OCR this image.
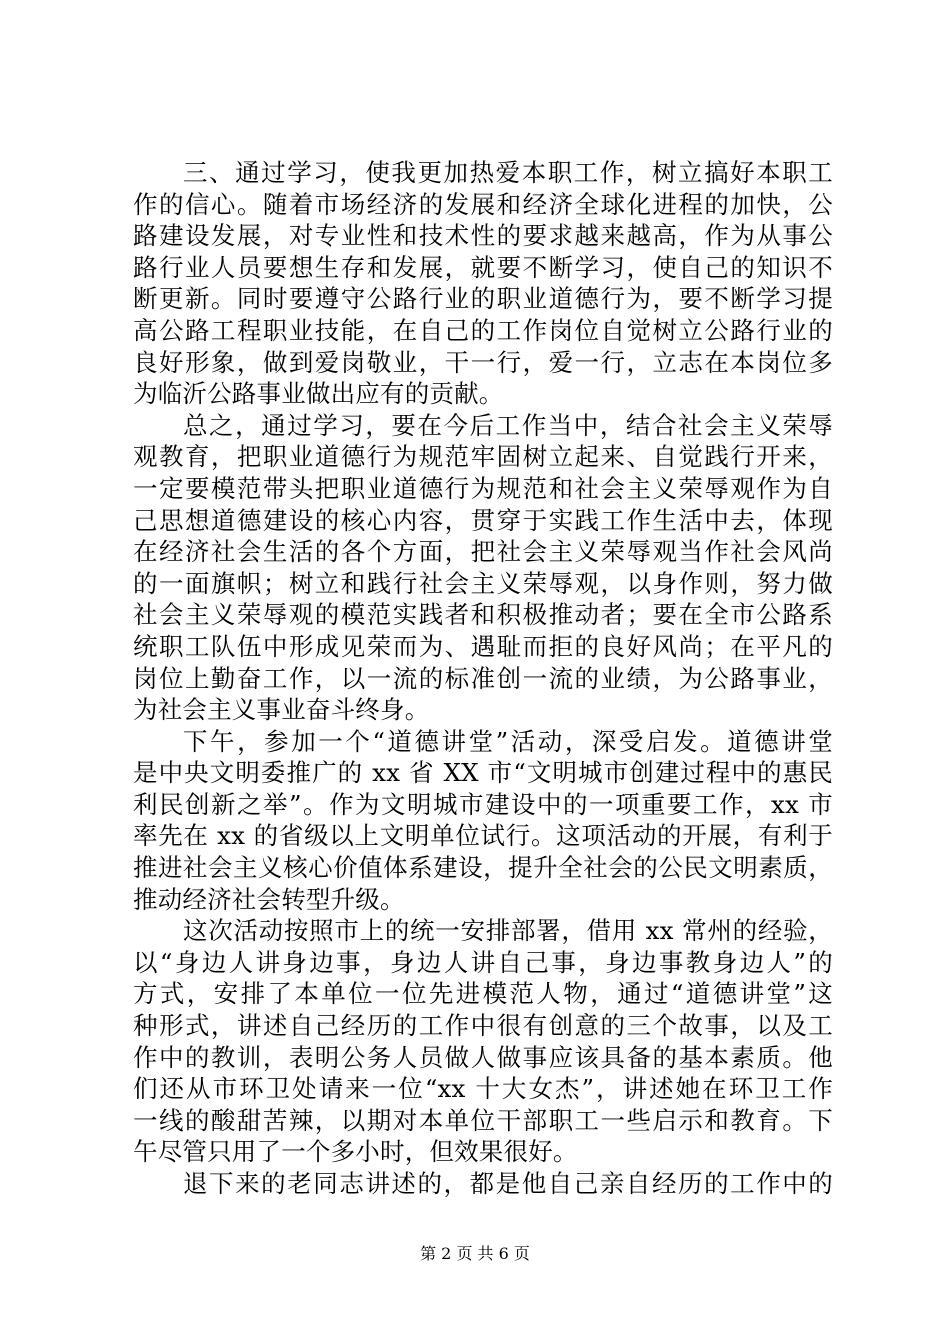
三、通过学习，使我更加热爱本职工作，树立搞好本职工
作的信心。随着市场经济的发展和经济全球化进程的加快，公
路建设发展，对专业性和技术性的要求越来越高，作为从事公
路行业人员要想生存和发展，就要不断学习，使自己的知识不
断更新。同时要遵守公路行业的职业道德行为，要不断学习提
高公路工程职业技能，在自己的工作岗位自觉树立公路行业的
良好形象，做到爱岗敬业，干一行，爱一行，立志在本岗位多
为临沂公路事业做出应有的贡献。
总之，通过学习，要在今后工作当中，结合社会主义荣辱
观教育，把职业道德行为规范牢固树立起来、自觉践行开来，
一定要模范带头把职业道德行为规范和社会主义荣辱观作为自
己思想道德建设的核心内容，贯穿于实践工作生活中去，体现
在经济社会生活的各个方面，把社会主义荣辱观当作社会风尚
的一面旗帜；树立和践行社会主义荣辱观，以身作则，努力做
社会主义荣辱观的模范实践者和积极推动者；要在全市公路系
统职工队伍中形成见荣而为、遇耻而拒的良好风尚；在平凡的
岗位上勤奋工作，以一流的标准创一流的业绩，为公路事业，
为社会主义事业奋斗终身。
下午，参加一个“道德讲堂”活动，深受启发。道德讲堂
是中央文明委推广的 xx 省 XX 市“文明城市创建过程中的惠民
利民创新之举”。作为文明城市建设中的一项重要工作，xx 市
率先在 xx 的省级以上文明单位试行。这项活动的开展，有利于
推进社会主义核心价值体系建设，提升全社会的公民文明素质，
推动经济社会转型升级。
这次活动按照市上的统一安排部署，借用 xx 常州的经验，
以“身边人讲身边事，身边人讲自己事，身边事教身边人”的
方式，安排了本单位一位先进模范人物，通过“道德讲堂”这
种形式，讲述自己经历的工作中很有创意的三个故事，以及工
作中的教训，表明公务人员做人做事应该具备的基本素质。他
们还从市环卫处请来一位“xx 十大女杰”，讲述她在环卫工作
一线的酸甜苦辣，以期对本单位干部职工一些启示和教育。下
午尽管只用了一个多小时，但效果很好。
退下来的老同志讲述的，都是他自己亲自经历的工作中的
第 2 页 共 6 页
